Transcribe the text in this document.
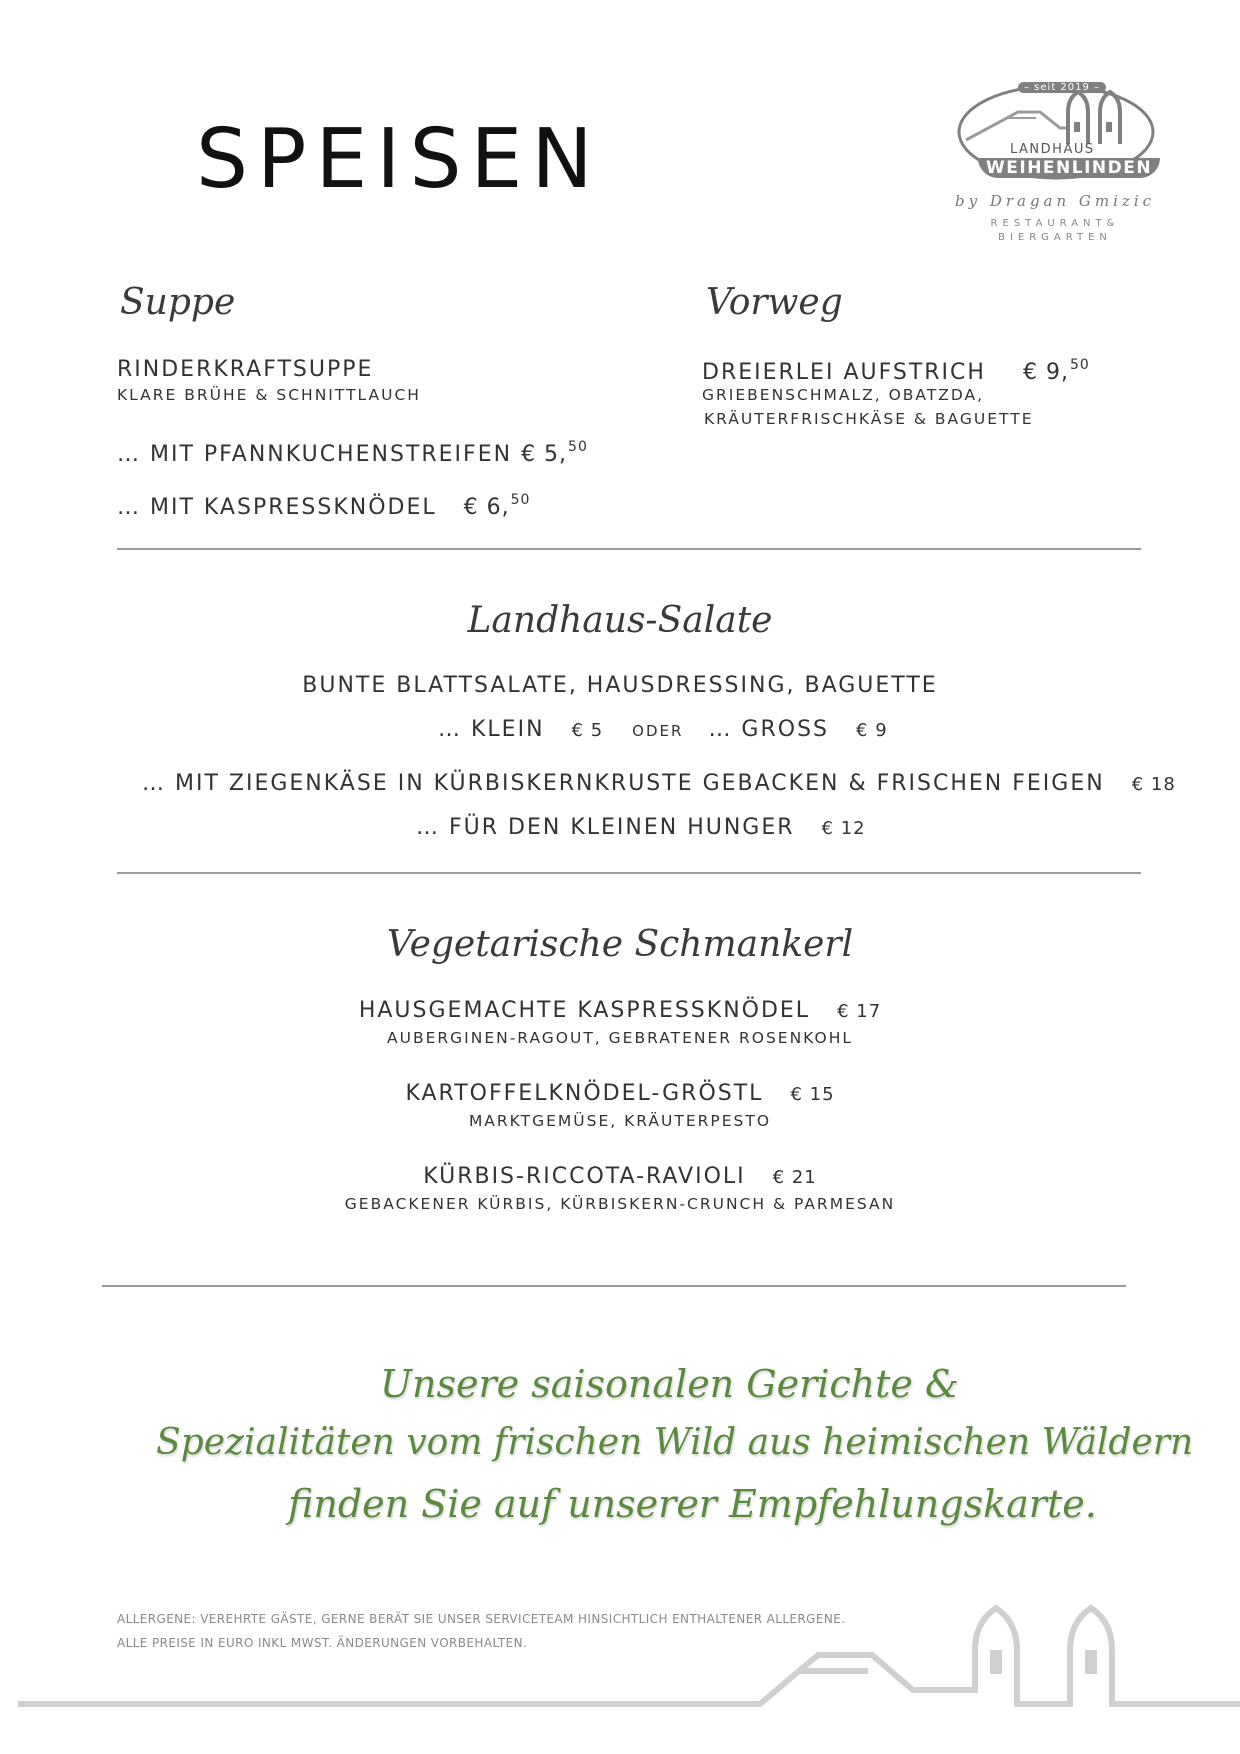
SPEISEN
– seit 2019 –
LANDHAUS
WEIHENLINDEN
by Dragan Gmizic
RESTAURANT&
BIERGARTEN
Suppe
RINDERKRAFTSUPPE
KLARE BRÜHE & SCHNITTLAUCH
… MIT PFANNKUCHENSTREIFEN € 5,50
… MIT KASPRESSKNÖDEL € 6,50
Vorweg
DREIERLEI AUFSTRICH € 9,50
GRIEBENSCHMALZ, OBATZDA,
KRÄUTERFRISCHKÄSE & BAGUETTE
Landhaus-Salate
BUNTE BLATTSALATE, HAUSDRESSING, BAGUETTE
… KLEIN € 5 ODER … GROSS € 9
… MIT ZIEGENKÄSE IN KÜRBISKERNKRUSTE GEBACKEN & FRISCHEN FEIGEN € 18
… FÜR DEN KLEINEN HUNGER € 12
Vegetarische Schmankerl
HAUSGEMACHTE KASPRESSKNÖDEL € 17
AUBERGINEN-RAGOUT, GEBRATENER ROSENKOHL
KARTOFFELKNÖDEL-GRÖSTL € 15
MARKTGEMÜSE, KRÄUTERPESTO
KÜRBIS-RICCOTA-RAVIOLI € 21
GEBACKENER KÜRBIS, KÜRBISKERN-CRUNCH & PARMESAN
Unsere saisonalen Gerichte &
Spezialitäten vom frischen Wild aus heimischen Wäldern
finden Sie auf unserer Empfehlungskarte.
ALLERGENE: VEREHRTE GÄSTE, GERNE BERÄT SIE UNSER SERVICETEAM HINSICHTLICH ENTHALTENER ALLERGENE.
ALLE PREISE IN EURO INKL MWST. ÄNDERUNGEN VORBEHALTEN.
